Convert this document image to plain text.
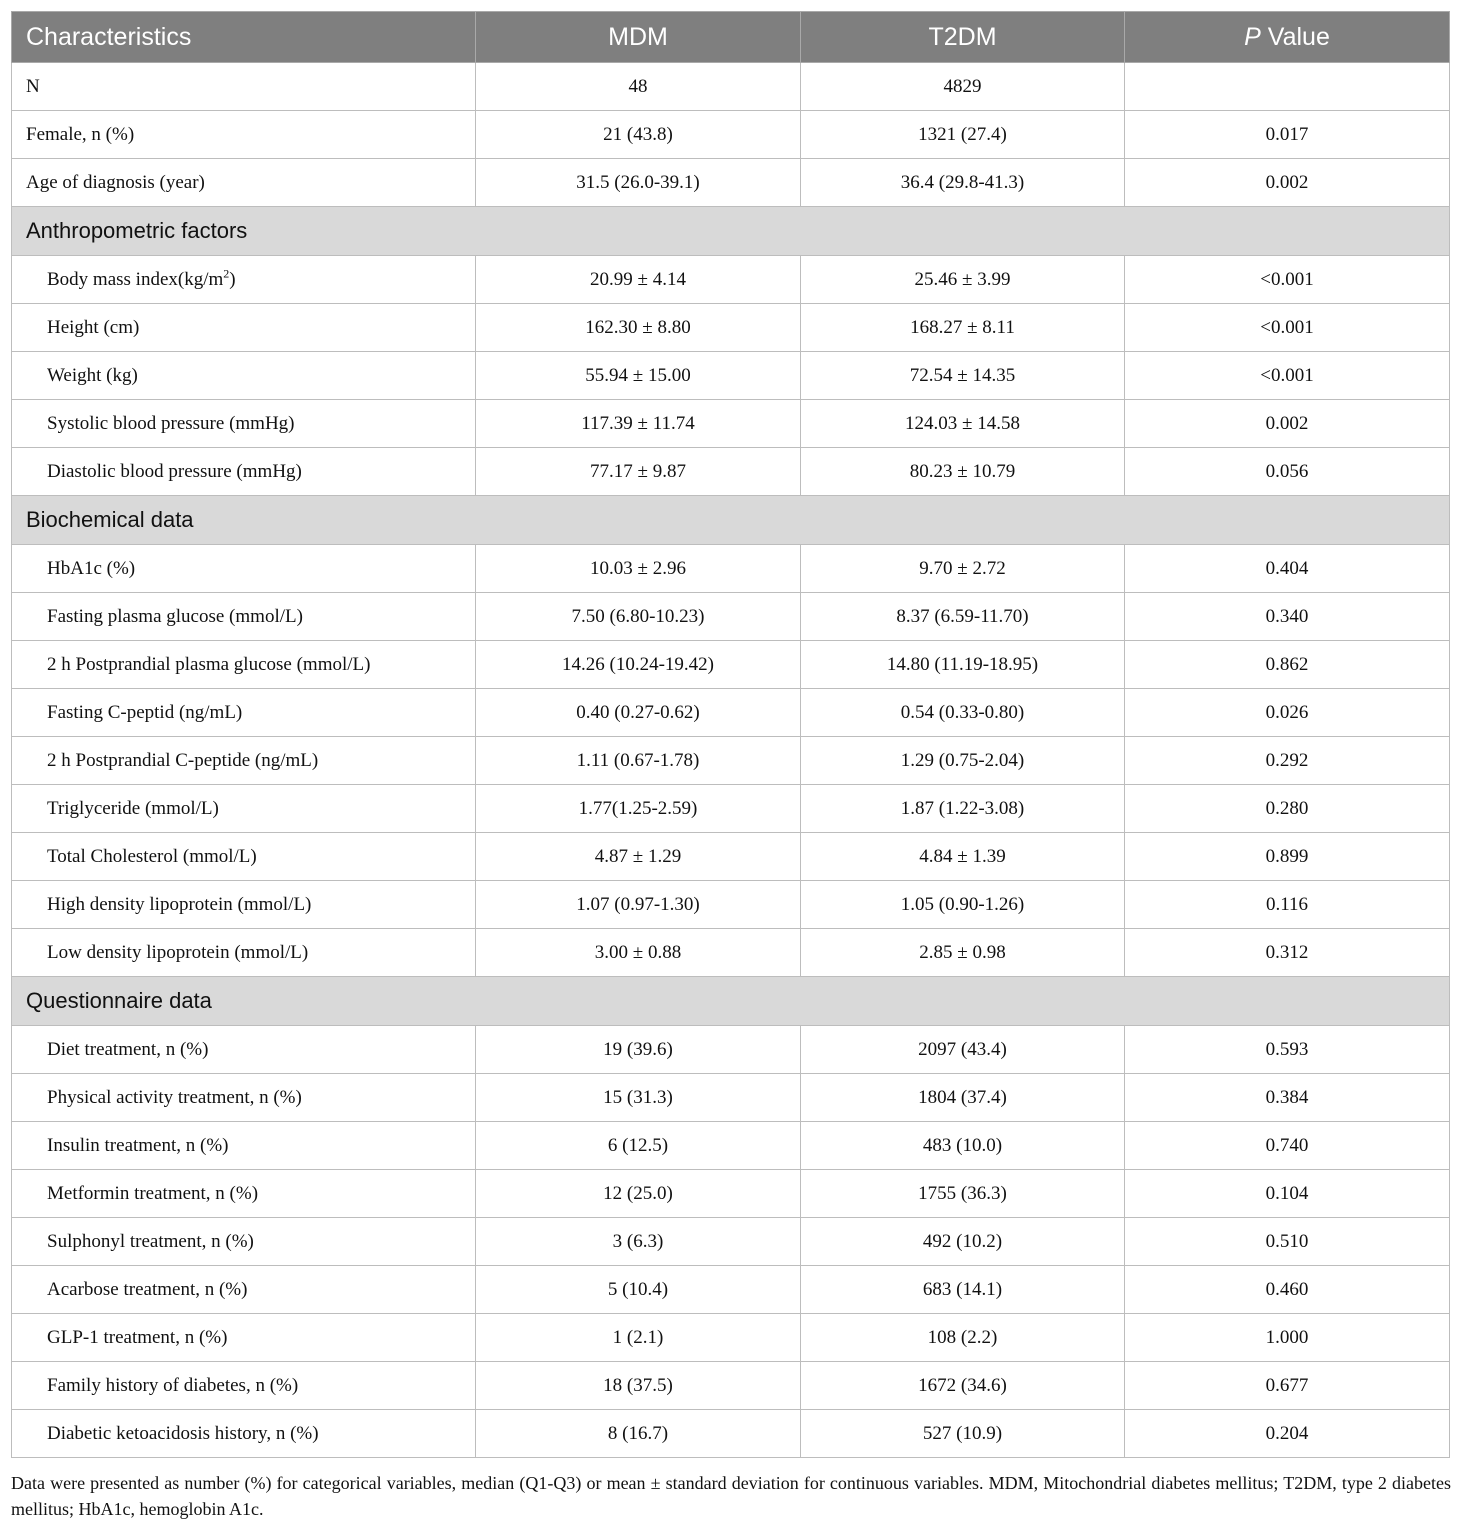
Characteristics	MDM	T2DM	P Value
N	48	4829	
Female, n (%)	21 (43.8)	1321 (27.4)	0.017
Age of diagnosis (year)	31.5 (26.0-39.1)	36.4 (29.8-41.3)	0.002
Anthropometric factors			
Body mass $index(kg/m^2)$	20.99 ± 4.14	25.46 ± 3.99	<0.001
Height (cm)	162.30 ± 8.80	168.27 ± 8.11	<0.001
Weight (kg)	55.94 ± 15.00	72.54 ± 14.35	<0.001
Systolic blood pressure (mmHg)	117.39 ± 11.74	124.03 ± 14.58	0.002
Diastolic blood pressure (mmHg)	77.17 ± 9.87	80.23 ± 10.79	0.056
Biochemical data			
HbA1c (%)	10.03 ± 2.96	9.70 ± 2.72	0.404
Fasting plasma glucose (mmol/L)	7.50 (6.80-10.23)	8.37 (6.59-11.70)	0.340
2 h Postprandial plasma glucose (mmol/L)	14.26 (10.24-19.42)	14.80 (11.19-18.95)	0.862
Fasting C-peptid (ng/mL)	0.40 (0.27-0.62)	0.54 (0.33-0.80)	0.026
2 h Postprandial C-peptide (ng/mL)	1.11 (0.67-1.78)	1.29 (0.75-2.04)	0.292
Triglyceride (mmol/L)	1.77(1.25-2.59)	1.87 (1.22-3.08)	0.280
Total Cholesterol (mmol/L)	4.87 ± 1.29	4.84 ± 1.39	0.899
High density lipoprotein (mmol/L)	1.07 (0.97-1.30)	1.05 (0.90-1.26)	0.116
Low density lipoprotein (mmol/L)	3.00 ± 0.88	2.85 ± 0.98	0.312
Questionnaire data			
Diet treatment, n (%)	19 (39.6)	2097 (43.4)	0.593
Physical activity treatment, n (%)	15 (31.3)	1804 (37.4)	0.384
Insulin treatment, n (%)	6 (12.5)	483 (10.0)	0.740
Metformin treatment, n (%)	12 (25.0)	1755 (36.3)	0.104
Sulphonyl treatment, n (%)	3 (6.3)	492 (10.2)	0.510
Acarbose treatment, n (%)	5 (10.4)	683 (14.1)	0.460
GLP-1 treatment, n (%)	1 (2.1)	108 (2.2)	1.000
Family history of diabetes, n (%)	18 (37.5)	1672 (34.6)	0.677
Diabetic ketoacidosis history, n (%)	8 (16.7)	527 (10.9)	0.204
Data were presented as number (%) for categorical variables, median (Q1-Q3) or mean ± standard deviation for continuous variables. MDM, Mitochondrial diabetes mellitus; T2DM, type 2 diabetes mellitus; HbA1c, hemoglobin A1c.
